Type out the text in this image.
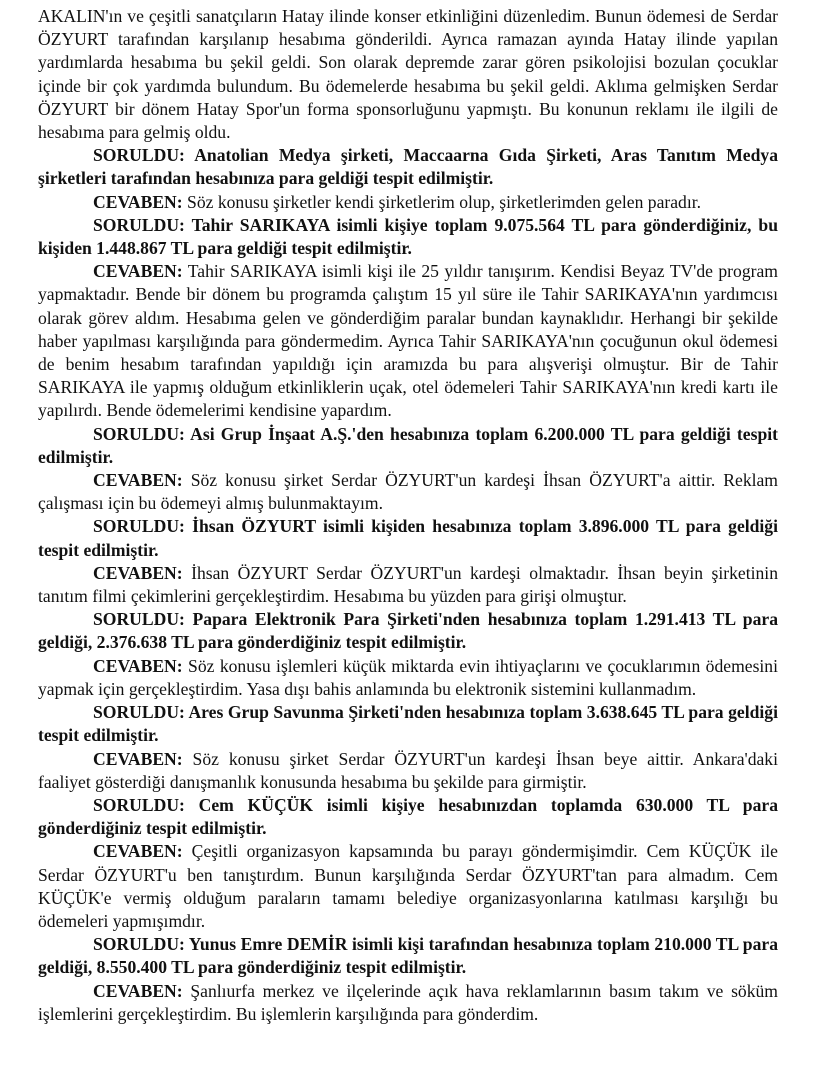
AKALIN'ın ve çeşitli sanatçıların Hatay ilinde konser etkinliğini düzenledim. Bunun ödemesi de Serdar ÖZYURT tarafından karşılanıp hesabıma gönderildi. Ayrıca ramazan ayında Hatay ilinde yapılan yardımlarda hesabıma bu şekil geldi. Son olarak depremde zarar gören psikolojisi bozulan çocuklar içinde bir çok yardımda bulundum. Bu ödemelerde hesabıma bu şekil geldi. Aklıma gelmişken Serdar ÖZYURT bir dönem Hatay Spor'un forma sponsorluğunu yapmıştı. Bu konunun reklamı ile ilgili de hesabıma para gelmiş oldu.

SORULDU: Anatolian Medya şirketi, Maccaarna Gıda Şirketi, Aras Tanıtım Medya şirketleri tarafından hesabınıza para geldiği tespit edilmiştir.

CEVABEN: Söz konusu şirketler kendi şirketlerim olup, şirketlerimden gelen paradır.

SORULDU: Tahir SARIKAYA isimli kişiye toplam 9.075.564 TL para gönderdiğiniz, bu kişiden 1.448.867 TL para geldiği tespit edilmiştir.

CEVABEN: Tahir SARIKAYA isimli kişi ile 25 yıldır tanışırım. Kendisi Beyaz TV'de program yapmaktadır. Bende bir dönem bu programda çalıştım 15 yıl süre ile Tahir SARIKAYA'nın yardımcısı olarak görev aldım. Hesabıma gelen ve gönderdiğim paralar bundan kaynaklıdır. Herhangi bir şekilde haber yapılması karşılığında para göndermedim. Ayrıca Tahir SARIKAYA'nın çocuğunun okul ödemesi de benim hesabım tarafından yapıldığı için aramızda bu para alışverişi olmuştur. Bir de Tahir SARIKAYA ile yapmış olduğum etkinliklerin uçak, otel ödemeleri Tahir SARIKAYA'nın kredi kartı ile yapılırdı. Bende ödemelerimi kendisine yapardım.

SORULDU: Asi Grup İnşaat A.Ş.'den hesabınıza toplam 6.200.000 TL para geldiği tespit edilmiştir.

CEVABEN: Söz konusu şirket Serdar ÖZYURT'un kardeşi İhsan ÖZYURT'a aittir. Reklam çalışması için bu ödemeyi almış bulunmaktayım.

SORULDU: İhsan ÖZYURT isimli kişiden hesabınıza toplam 3.896.000 TL para geldiği tespit edilmiştir.

CEVABEN: İhsan ÖZYURT Serdar ÖZYURT'un kardeşi olmaktadır. İhsan beyin şirketinin tanıtım filmi çekimlerini gerçekleştirdim. Hesabıma bu yüzden para girişi olmuştur.

SORULDU: Papara Elektronik Para Şirketi'nden hesabınıza toplam 1.291.413 TL para geldiği, 2.376.638 TL para gönderdiğiniz tespit edilmiştir.

CEVABEN: Söz konusu işlemleri küçük miktarda evin ihtiyaçlarını ve çocuklarımın ödemesini yapmak için gerçekleştirdim. Yasa dışı bahis anlamında bu elektronik sistemini kullanmadım.

SORULDU: Ares Grup Savunma Şirketi'nden hesabınıza toplam 3.638.645 TL para geldiği tespit edilmiştir.

CEVABEN: Söz konusu şirket Serdar ÖZYURT'un kardeşi İhsan beye aittir. Ankara'daki faaliyet gösterdiği danışmanlık konusunda hesabıma bu şekilde para girmiştir.

SORULDU: Cem KÜÇÜK isimli kişiye hesabınızdan toplamda 630.000 TL para gönderdiğiniz tespit edilmiştir.

CEVABEN: Çeşitli organizasyon kapsamında bu parayı göndermişimdir. Cem KÜÇÜK ile Serdar ÖZYURT'u ben tanıştırdım. Bunun karşılığında Serdar ÖZYURT'tan para almadım. Cem KÜÇÜK'e vermiş olduğum paraların tamamı belediye organizasyonlarına katılması karşılığı bu ödemeleri yapmışımdır.

SORULDU: Yunus Emre DEMİR isimli kişi tarafından hesabınıza toplam 210.000 TL para geldiği, 8.550.400 TL para gönderdiğiniz tespit edilmiştir.

CEVABEN: Şanlıurfa merkez ve ilçelerinde açık hava reklamlarının basım takım ve söküm işlemlerini gerçekleştirdim. Bu işlemlerin karşılığında para gönderdim.
